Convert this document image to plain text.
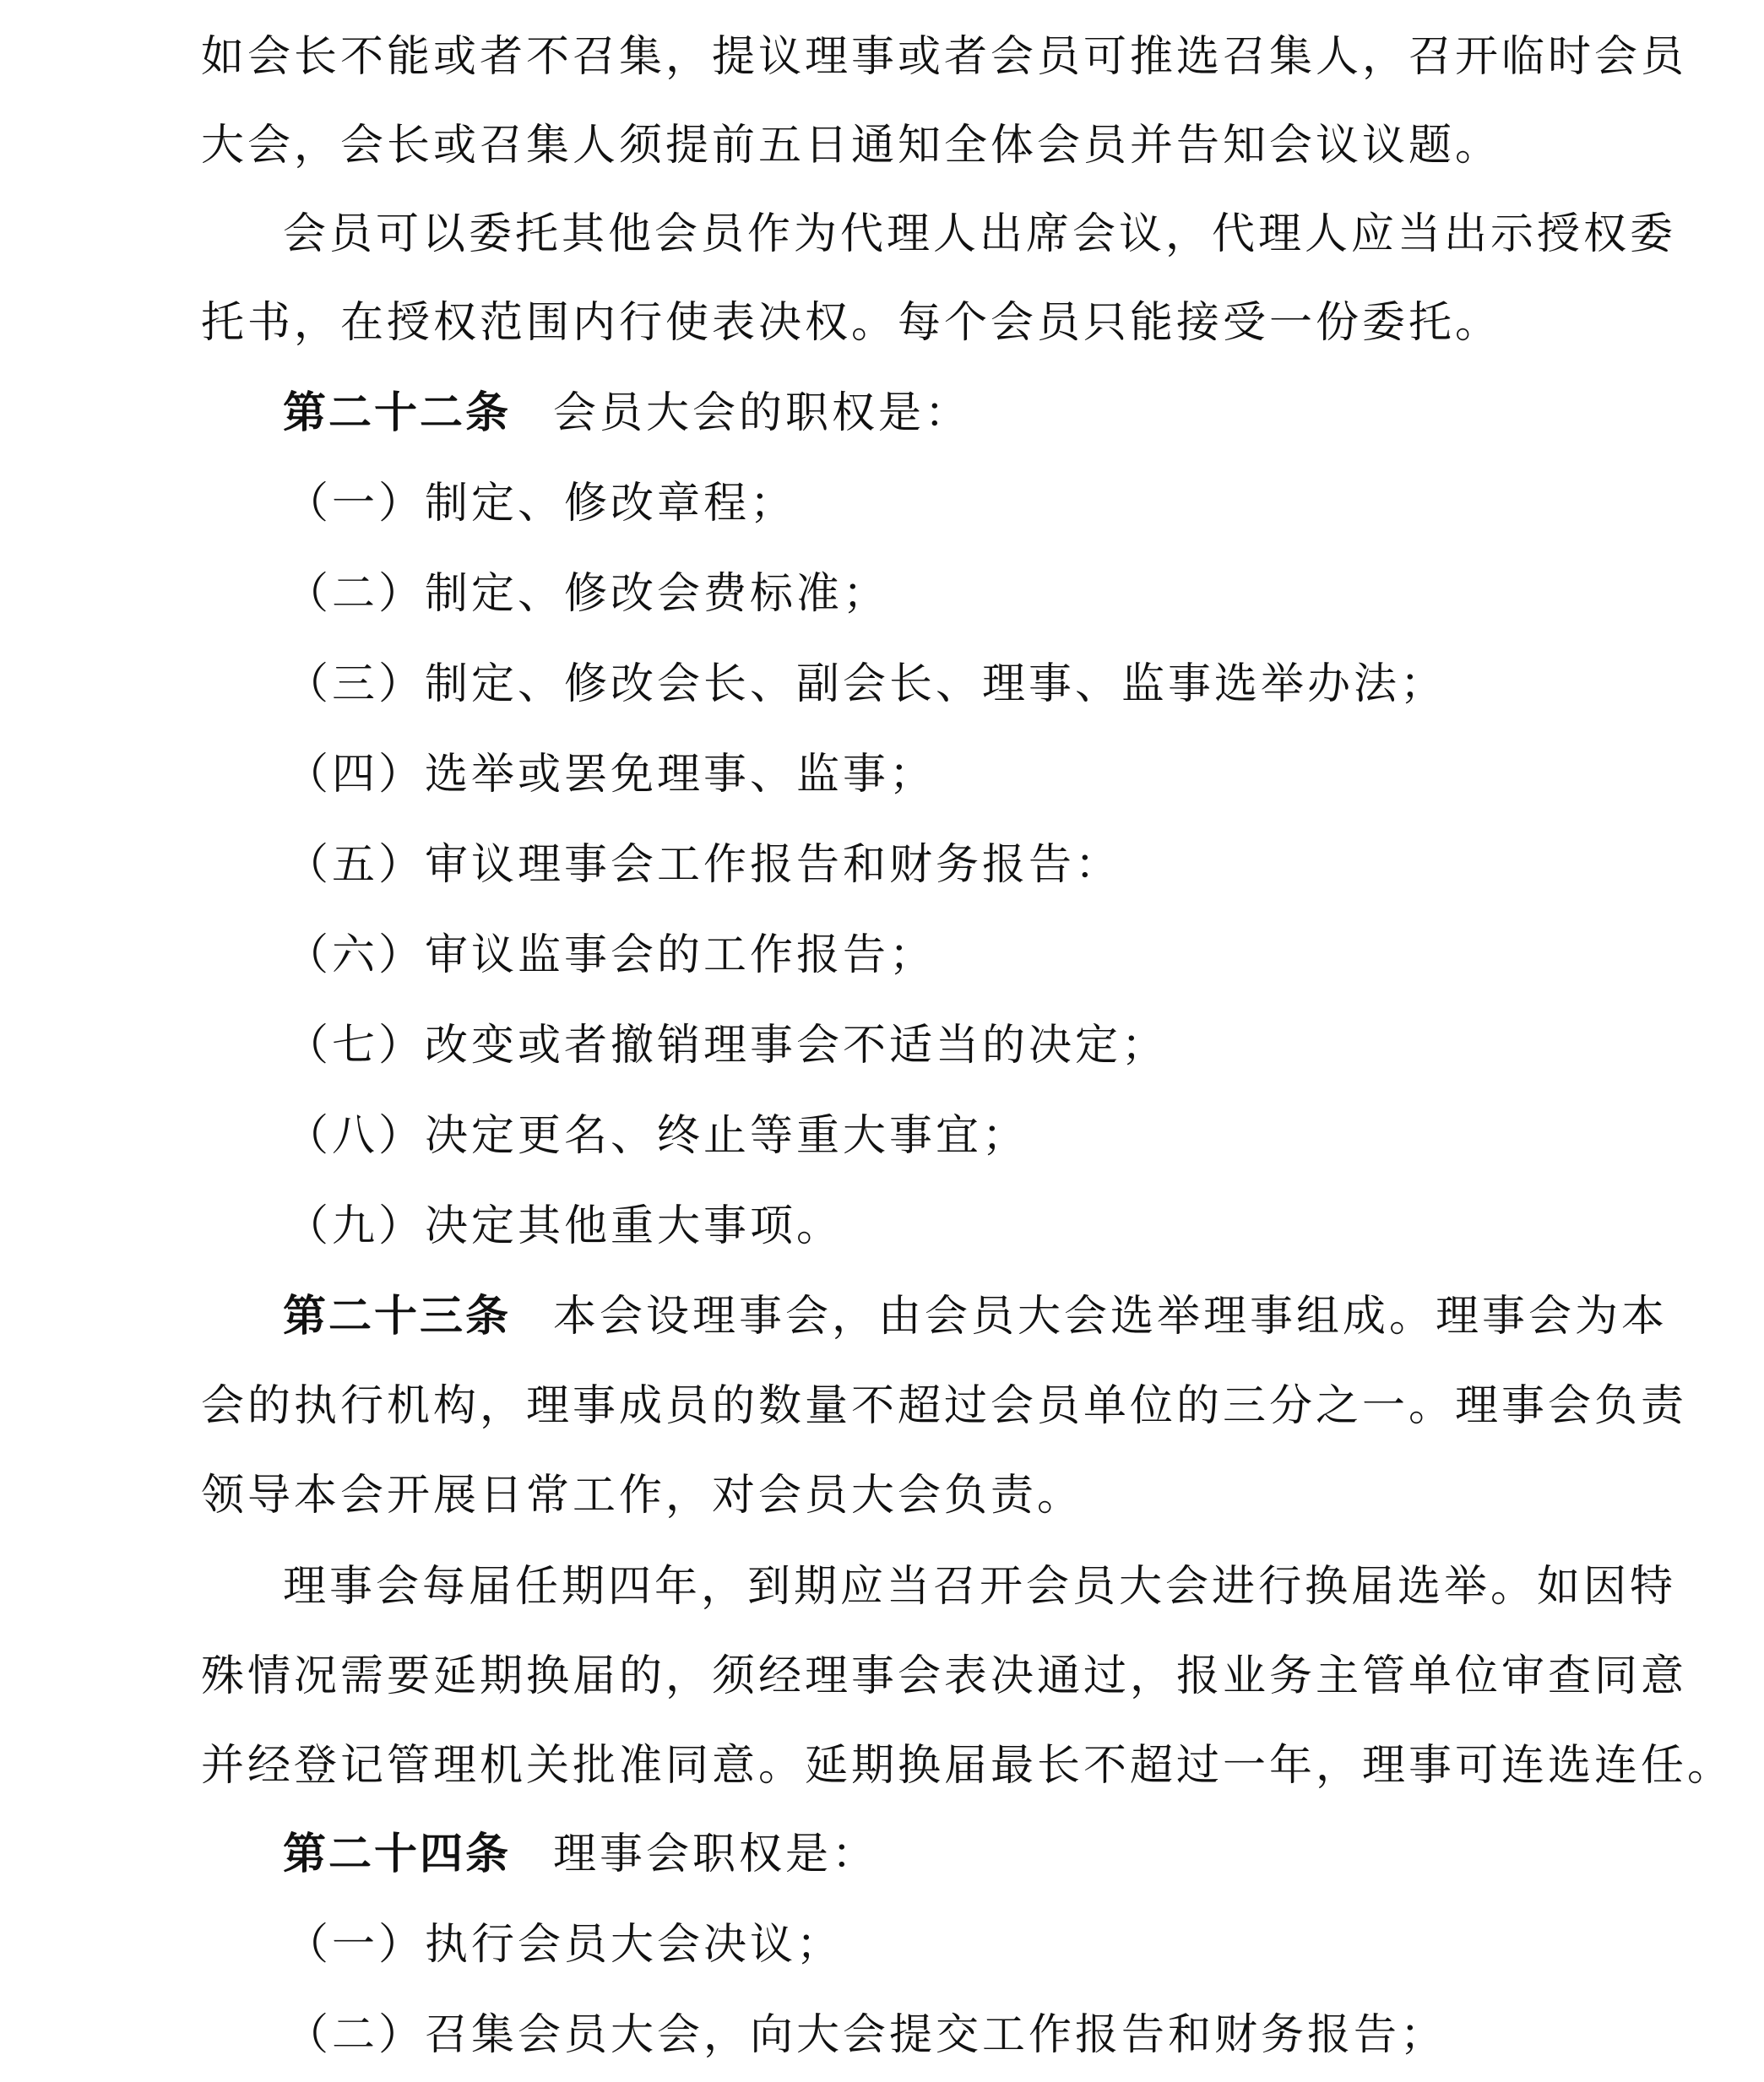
如会长不能或者不召集，提议理事或者会员可推选召集人，召开临时会员
大会，会长或召集人须提前五日通知全体会员并告知会议议题。
会员可以委托其他会员作为代理人出席会议，代理人应当出示授权委
托书，在授权范围内行使表决权。每个会员只能接受一份委托。
第二十二条 会员大会的职权是：
（一）制定、修改章程；
（二）制定、修改会费标准；
（三）制定、修改会长、副会长、理事、监事选举办法；
（四）选举或罢免理事、监事；
（五）审议理事会工作报告和财务报告：
（六）审议监事会的工作报告；
（七）改变或者撤销理事会不适当的决定；
（八）决定更名、终止等重大事宜；
（九）决定其他重大事项。
第二十三条 本会设理事会，由会员大会选举理事组成。理事会为本
会的执行机构，理事成员的数量不超过会员单位的三分之一。理事会负责
领导本会开展日常工作，对会员大会负责。
理事会每届任期四年，到期应当召开会员大会进行换届选举。如因特
殊情况需要延期换届的，须经理事会表决通过，报业务主管单位审查同意
并经登记管理机关批准同意。延期换届最长不超过一年，理事可连选连任。
第二十四条 理事会职权是：
（一）执行会员大会决议；
（二）召集会员大会，向大会提交工作报告和财务报告；
